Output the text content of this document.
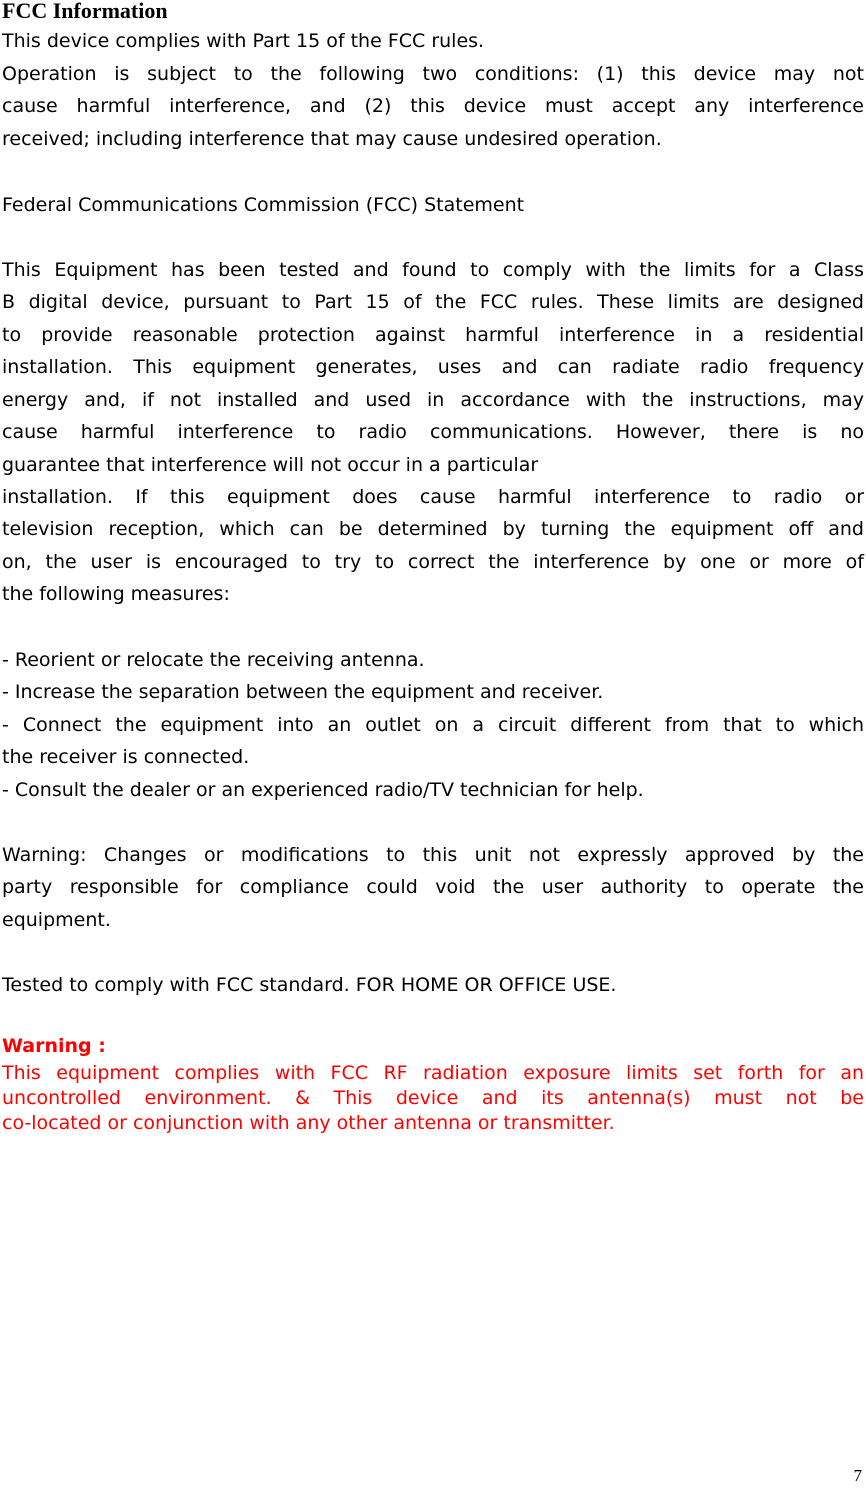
FCC Information

This device complies with Part 15 of the FCC rules.

Operation is subject to the following two conditions: (1) this device may not

cause harmful interference, and (2) this device must accept any interference

received; including interference that may cause undesired operation.

Federal Communications Commission (FCC) Statement

This Equipment has been tested and found to comply with the limits for a Class

B digital device, pursuant to Part 15 of the FCC rules. These limits are designed

to provide reasonable protection against harmful interference in a residential

installation. This equipment generates, uses and can radiate radio frequency

energy and, if not installed and used in accordance with the instructions, may

cause harmful interference to radio communications. However, there is no

guarantee that interference will not occur in a particular

installation. If this equipment does cause harmful interference to radio or

television reception, which can be determined by turning the equipment off and

on, the user is encouraged to try to correct the interference by one or more of

the following measures:

- Reorient or relocate the receiving antenna.

- Increase the separation between the equipment and receiver.

- Connect the equipment into an outlet on a circuit different from that to which

the receiver is connected.

- Consult the dealer or an experienced radio/TV technician for help.

Warning: Changes or modifications to this unit not expressly approved by the

party responsible for compliance could void the user authority to operate the

equipment.

Tested to comply with FCC standard. FOR HOME OR OFFICE USE.

Warning :

This equipment complies with FCC RF radiation exposure limits set forth for an

uncontrolled environment. & This device and its antenna(s) must not be

co-located or conjunction with any other antenna or transmitter.

7
